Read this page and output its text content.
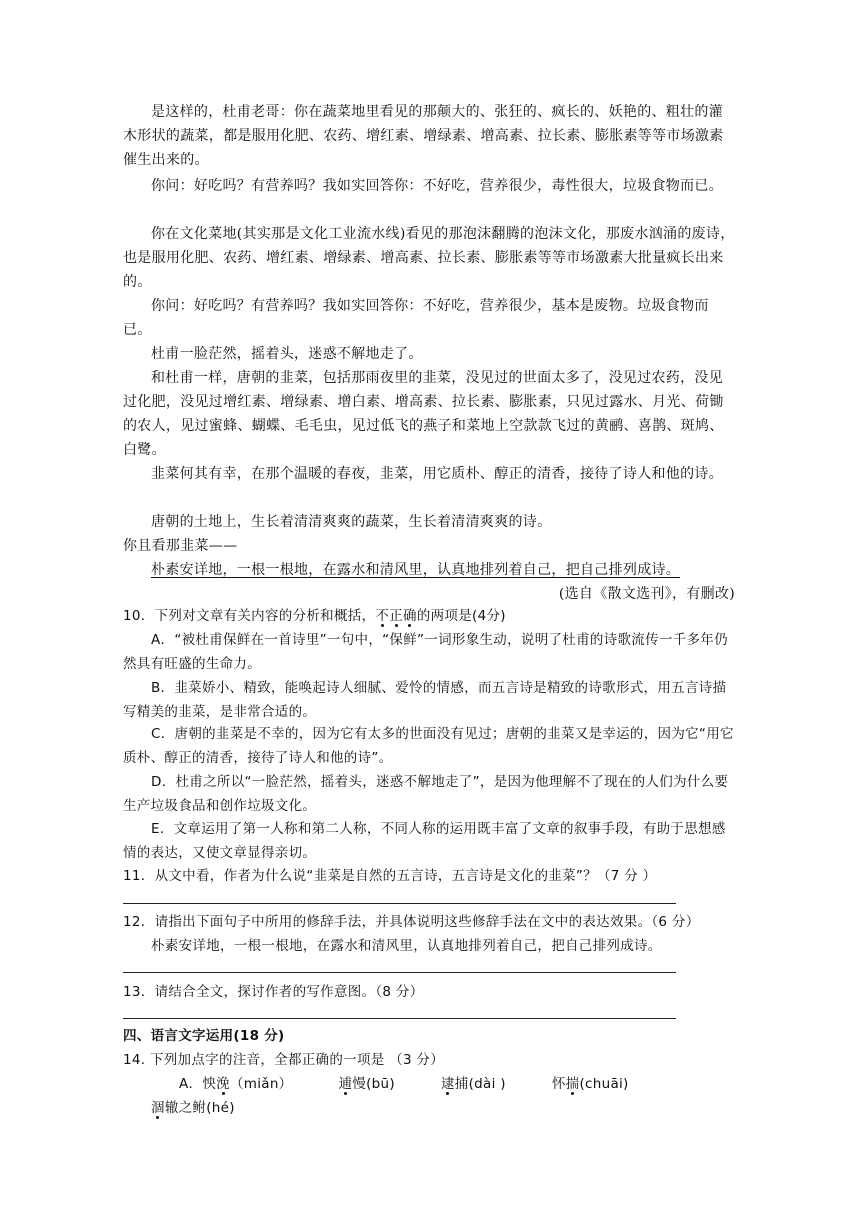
是这样的，杜甫老哥：你在蔬菜地里看见的那颠大的、张狂的、疯长的、妖艳的、粗壮的灌木形状的蔬菜，都是服用化肥、农药、增红素、增绿素、增高素、拉长素、膨胀素等等市场激素催生出来的。
你问：好吃吗？有营养吗？我如实回答你：不好吃，营养很少，毒性很大，垃圾食物而已。
你在文化菜地(其实那是文化工业流水线)看见的那泡沫翻腾的泡沫文化，那废水汹涌的废诗，也是服用化肥、农药、增红素、增绿素、增高素、拉长素、膨胀素等等市场激素大批量疯长出来的。
你问：好吃吗？有营养吗？我如实回答你：不好吃，营养很少，基本是废物。垃圾食物而已。
杜甫一脸茫然，摇着头，迷惑不解地走了。
和杜甫一样，唐朝的韭菜，包括那雨夜里的韭菜，没见过的世面太多了，没见过农药，没见过化肥，没见过增红素、增绿素、增白素、增高素、拉长素、膨胀素，只见过露水、月光、荷锄的农人，见过蜜蜂、蝴蝶、毛毛虫，见过低飞的燕子和菜地上空款款飞过的黄鹂、喜鹊、斑鸠、白鹭。
韭菜何其有幸，在那个温暖的春夜，韭菜，用它质朴、醇正的清香，接待了诗人和他的诗。
唐朝的土地上，生长着清清爽爽的蔬菜，生长着清清爽爽的诗。
你且看那韭菜——
朴素安详地，一根一根地，在露水和清风里，认真地排列着自己，把自己排列成诗。
(选自《散文选刊》，有删改)
10．下列对文章有关内容的分析和概括，不正确的两项是(4分)
A．“被杜甫保鲜在一首诗里”一句中，“保鲜”一词形象生动，说明了杜甫的诗歌流传一千多年仍然具有旺盛的生命力。
B．韭菜娇小、精致，能唤起诗人细腻、爱怜的情感，而五言诗是精致的诗歌形式，用五言诗描写精美的韭菜，是非常合适的。
C．唐朝的韭菜是不幸的，因为它有太多的世面没有见过；唐朝的韭菜又是幸运的，因为它“用它质朴、醇正的清香，接待了诗人和他的诗”。
D．杜甫之所以“一脸茫然，摇着头，迷惑不解地走了”，是因为他理解不了现在的人们为什么要生产垃圾食品和创作垃圾文化。
E．文章运用了第一人称和第二人称，不同人称的运用既丰富了文章的叙事手段，有助于思想感情的表达，又使文章显得亲切。
11．从文中看，作者为什么说“韭菜是自然的五言诗，五言诗是文化的韭菜”？（7 分 ）
12．请指出下面句子中所用的修辞手法，并具体说明这些修辞手法在文中的表达效果。（6 分）
朴素安详地，一根一根地，在露水和清风里，认真地排列着自己，把自己排列成诗。
13．请结合全文，探讨作者的写作意图。（8 分）
四、语言文字运用(18 分)
14. 下列加点字的注音，全都正确的一项是 （3 分）
A．怏浼（miǎn）	逋慢(bū)	逮捕(dài )	怀揣(chuāi)涸辙之鲋(hé)
